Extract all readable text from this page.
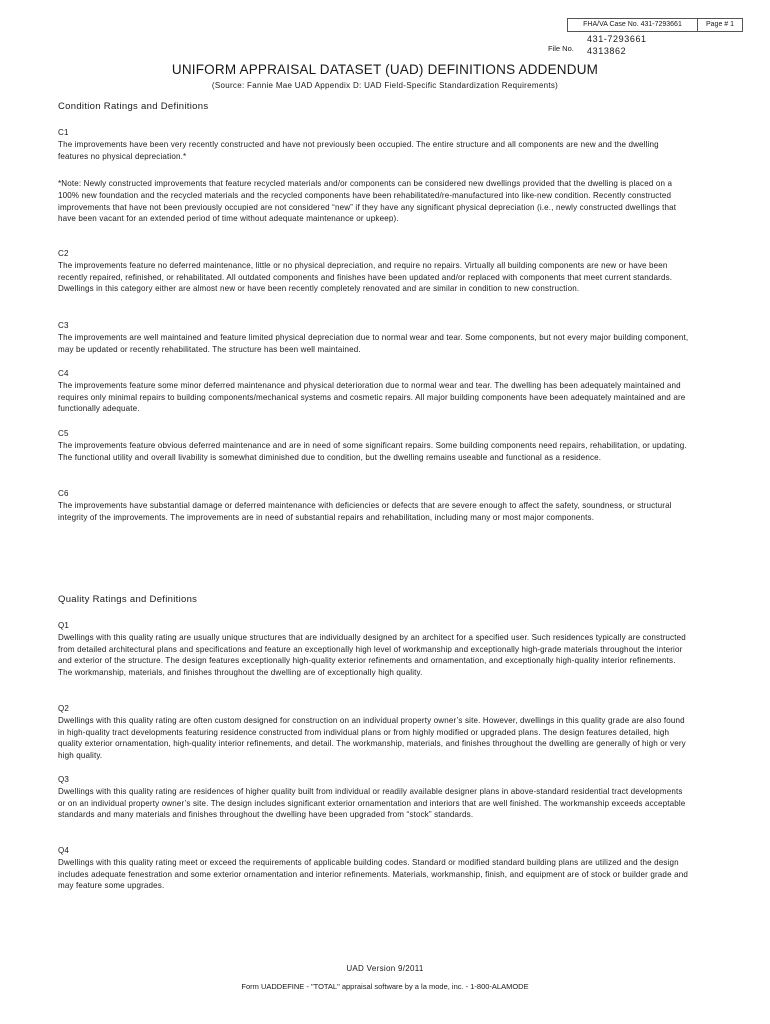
FHA/VA Case No. 431-7293661	Page # 1
File No.
431-7293661
4313862
UNIFORM APPRAISAL DATASET (UAD) DEFINITIONS ADDENDUM
(Source: Fannie Mae UAD Appendix D: UAD Field-Specific Standardization Requirements)
Condition Ratings and Definitions

C1

The improvements have been very recently constructed and have not previously been occupied. The entire structure and all components are new and the dwelling features no physical depreciation.*

*Note: Newly constructed improvements that feature recycled materials and/or components can be considered new dwellings provided that the dwelling is placed on a 100% new foundation and the recycled materials and the recycled components have been rehabilitated/re-manufactured into like-new condition. Recently constructed improvements that have not been previously occupied are not considered “new” if they have any significant physical depreciation (i.e., newly constructed dwellings that have been vacant for an extended period of time without adequate maintenance or upkeep).

C2

The improvements feature no deferred maintenance, little or no physical depreciation, and require no repairs. Virtually all building components are new or have been recently repaired, refinished, or rehabilitated. All outdated components and finishes have been updated and/or replaced with components that meet current standards. Dwellings in this category either are almost new or have been recently completely renovated and are similar in condition to new construction.

C3

The improvements are well maintained and feature limited physical depreciation due to normal wear and tear. Some components, but not every major building component, may be updated or recently rehabilitated. The structure has been well maintained.

C4

The improvements feature some minor deferred maintenance and physical deterioration due to normal wear and tear. The dwelling has been adequately maintained and requires only minimal repairs to building components/mechanical systems and cosmetic repairs. All major building components have been adequately maintained and are functionally adequate.

C5

The improvements feature obvious deferred maintenance and are in need of some significant repairs. Some building components need repairs, rehabilitation, or updating. The functional utility and overall livability is somewhat diminished due to condition, but the dwelling remains useable and functional as a residence.

C6

The improvements have substantial damage or deferred maintenance with deficiencies or defects that are severe enough to affect the safety, soundness, or structural integrity of the improvements. The improvements are in need of substantial repairs and rehabilitation, including many or most major components.

Quality Ratings and Definitions

Q1

Dwellings with this quality rating are usually unique structures that are individually designed by an architect for a specified user. Such residences typically are constructed from detailed architectural plans and specifications and feature an exceptionally high level of workmanship and exceptionally high-grade materials throughout the interior and exterior of the structure. The design features exceptionally high-quality exterior refinements and ornamentation, and exceptionally high-quality interior refinements. The workmanship, materials, and finishes throughout the dwelling are of exceptionally high quality.

Q2

Dwellings with this quality rating are often custom designed for construction on an individual property owner’s site. However, dwellings in this quality grade are also found in high-quality tract developments featuring residence constructed from individual plans or from highly modified or upgraded plans. The design features detailed, high quality exterior ornamentation, high-quality interior refinements, and detail. The workmanship, materials, and finishes throughout the dwelling are generally of high or very high quality.

Q3

Dwellings with this quality rating are residences of higher quality built from individual or readily available designer plans in above-standard residential tract developments or on an individual property owner’s site. The design includes significant exterior ornamentation and interiors that are well finished. The workmanship exceeds acceptable standards and many materials and finishes throughout the dwelling have been upgraded from “stock” standards.

Q4

Dwellings with this quality rating meet or exceed the requirements of applicable building codes. Standard or modified standard building plans are utilized and the design includes adequate fenestration and some exterior ornamentation and interior refinements. Materials, workmanship, finish, and equipment are of stock or builder grade and may feature some upgrades.

UAD Version 9/2011
Form UADDEFINE - "TOTAL" appraisal software by a la mode, inc. - 1-800-ALAMODE
